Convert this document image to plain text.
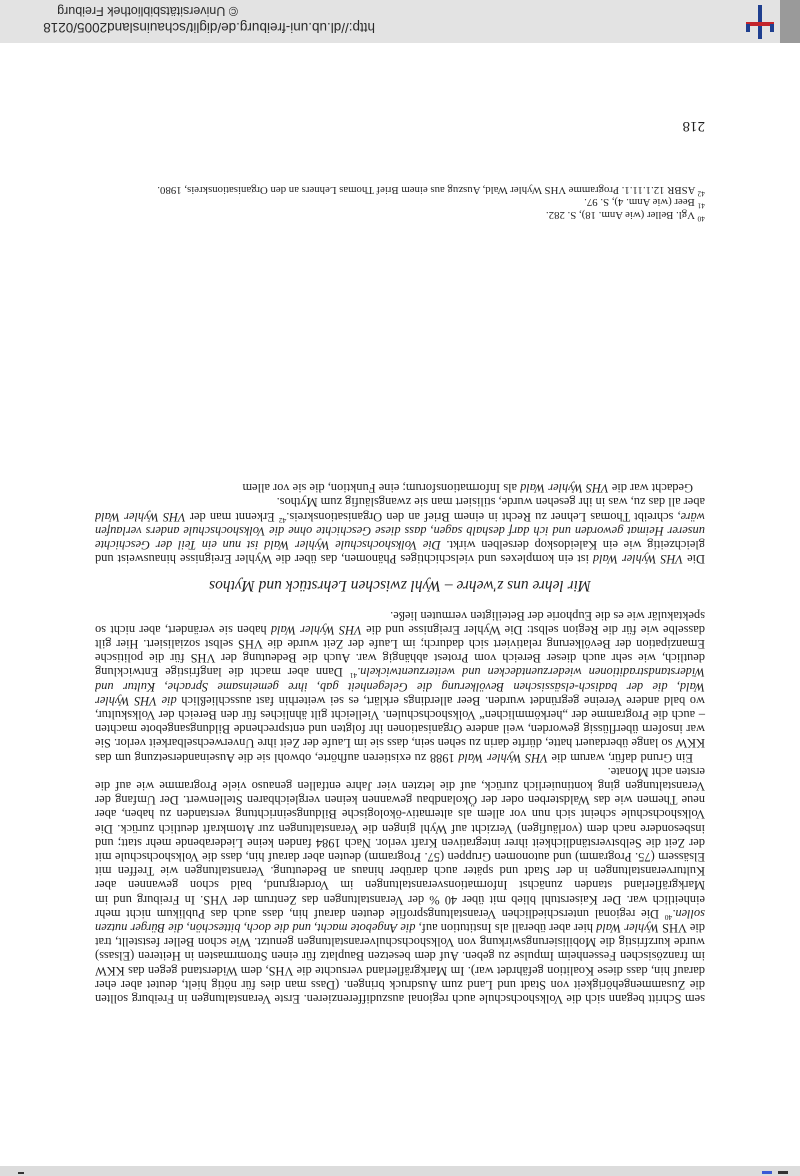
sem Schritt begann sich die Volkshochschule auch regional auszudifferenzieren. Erste Veranstaltungen in Freiburg sollten die Zusammengehörigkeit von Stadt und Land zum Ausdruck bringen. (Dass man dies für nötig hielt, deutet aber eher darauf hin, dass diese Koalition gefährdet war). Im Markgräflerland versuchte die VHS, dem Widerstand gegen das KKW im französischen Fessenheim Impulse zu geben. Auf dem besetzen Bauplatz für einen Stromrmasten in Heiteren (Elsass) wurde kurzfristig die Mobilisierungswirkung von Volkshochschulveranstaltungen genutzt. Wie schon Beller feststellt, trat die VHS Wyhler Wald hier aber überall als Institution auf, die Angebote macht, und die doch, bitteschön, die Bürger nutzen sollen.$^{40}$ Die regional unterschiedlichen Veranstaltungsprofile deuten darauf hin, dass auch das Publikum nicht mehr einheitlich war. Der Kaiserstuhl blieb mit über 40 % der Veranstaltungen das Zentrum der VHS. In Freiburg und im Markgräflerland standen zunächst Informationsveranstaltungen im Vordergrund, bald schon gewannen aber Kulturveranstaltungen in der Stadt und später auch darüber hinaus an Bedeutung. Veranstaltungen wie Treffen mit Elsässern (75. Programm) und autonomen Gruppen (57. Programm) deuten aber darauf hin, dass die Volkshochschule mit der Zeit die Selbstverständlichkeit ihrer integrativen Kraft verlor. Nach 1984 fanden keine Liederabende mehr statt; und insbesondere nach dem (vorläufigen) Verzicht auf Wyhl gingen die Veranstaltungen zur Atomkraft deutlich zurück. Die Volkshochschule scheint sich nun vor allem als alternativ-ökologische Bildungseinrichtung verstanden zu haben, aber neue Themen wie das Waldsterben oder der Ökolandbau gewannen keinen vergleichbaren Stellenwert. Der Umfang der Veranstaltungen ging kontinuierlich zurück, auf die letzten vier Jahre entfallen genauso viele Programme wie auf die ersten acht Monate.

Ein Grund dafür, warum die VHS Wyhler Wald 1988 zu existieren aufhörte, obwohl sie die Auseinandersetzung um das KKW so lange überdauert hatte, dürfte darin zu sehen sein, dass sie im Laufe der Zeit ihre Unverwechselbarkeit verlor. Sie war insofern überflüssig geworden, weil andere Organisationen ihr folgten und entsprechende Bildungsangebote machten – auch die Programme der „herkömmlichen“ Volkshochschulen. Vielleicht gilt ähnliches für den Bereich der Volkskultur, wo bald andere Vereine gegründet wurden. Beer allerdings erklärt, es sei weiterhin fast ausschließlich die VHS Wyhler Wald, die der badisch-elsässischen Bevölkerung die Gelegenheit gab, ihre gemeinsame Sprache, Kultur und Widerstandstraditionen wiederzuentdecken und weiterzuentwickeln.$^{41}$ Dann aber macht die langfristige Entwicklung deutlich, wie sehr auch dieser Bereich vom Protest abhängig war. Auch die Bedeutung der VHS für die politische Emanzipation der Bevölkerung relativiert sich dadurch; im Laufe der Zeit wurde die VHS selbst sozialisiert. Hier gilt dasselbe wie für die Region selbst: Die Wyhler Ereignisse und die VHS Wyhler Wald haben sie verändert, aber nicht so spektakulär wie es die Euphorie der Beteiligten vermuten ließe.

Mir lehre uns z'wehre – Wyhl zwischen Lehrstück und Mythos

Die VHS Wyhler Wald ist ein komplexes und vielschichtiges Phänomen, das über die Wyhler Ereignisse hinausweist und gleichzeitig wie ein Kaleidoskop derselben wirkt. Die Volkshochschule Wyhler Wald ist nun ein Teil der Geschichte unserer Heimat geworden und ich darf deshalb sagen, dass diese Geschichte ohne die Volkshochschule anders verlaufen wäre, schreibt Thomas Lehner zu Recht in einem Brief an den Organisationskreis.$^{42}$ Erkennt man der VHS Wyhler Wald aber all das zu, was in ihr gesehen wurde, stilisiert man sie zwangsläufig zum Mythos.

Gedacht war die VHS Wyhler Wald als Informationsforum; eine Funktion, die sie vor allem

$^{40}$ Vgl. Beller (wie Anm. 18), S. 282.

$^{41}$ Beer (wie Anm. 4), S. 97.

$^{42}$ ASBR 12.1.11.1. Programme VHS Wyhler Wald, Auszug aus einem Brief Thomas Lehners an den Organisationskreis, 1980.

218
http://dl.ub.uni-freiburg.de/diglit/schauinsland2005/0218
© Universitätsbibliothek Freiburg
